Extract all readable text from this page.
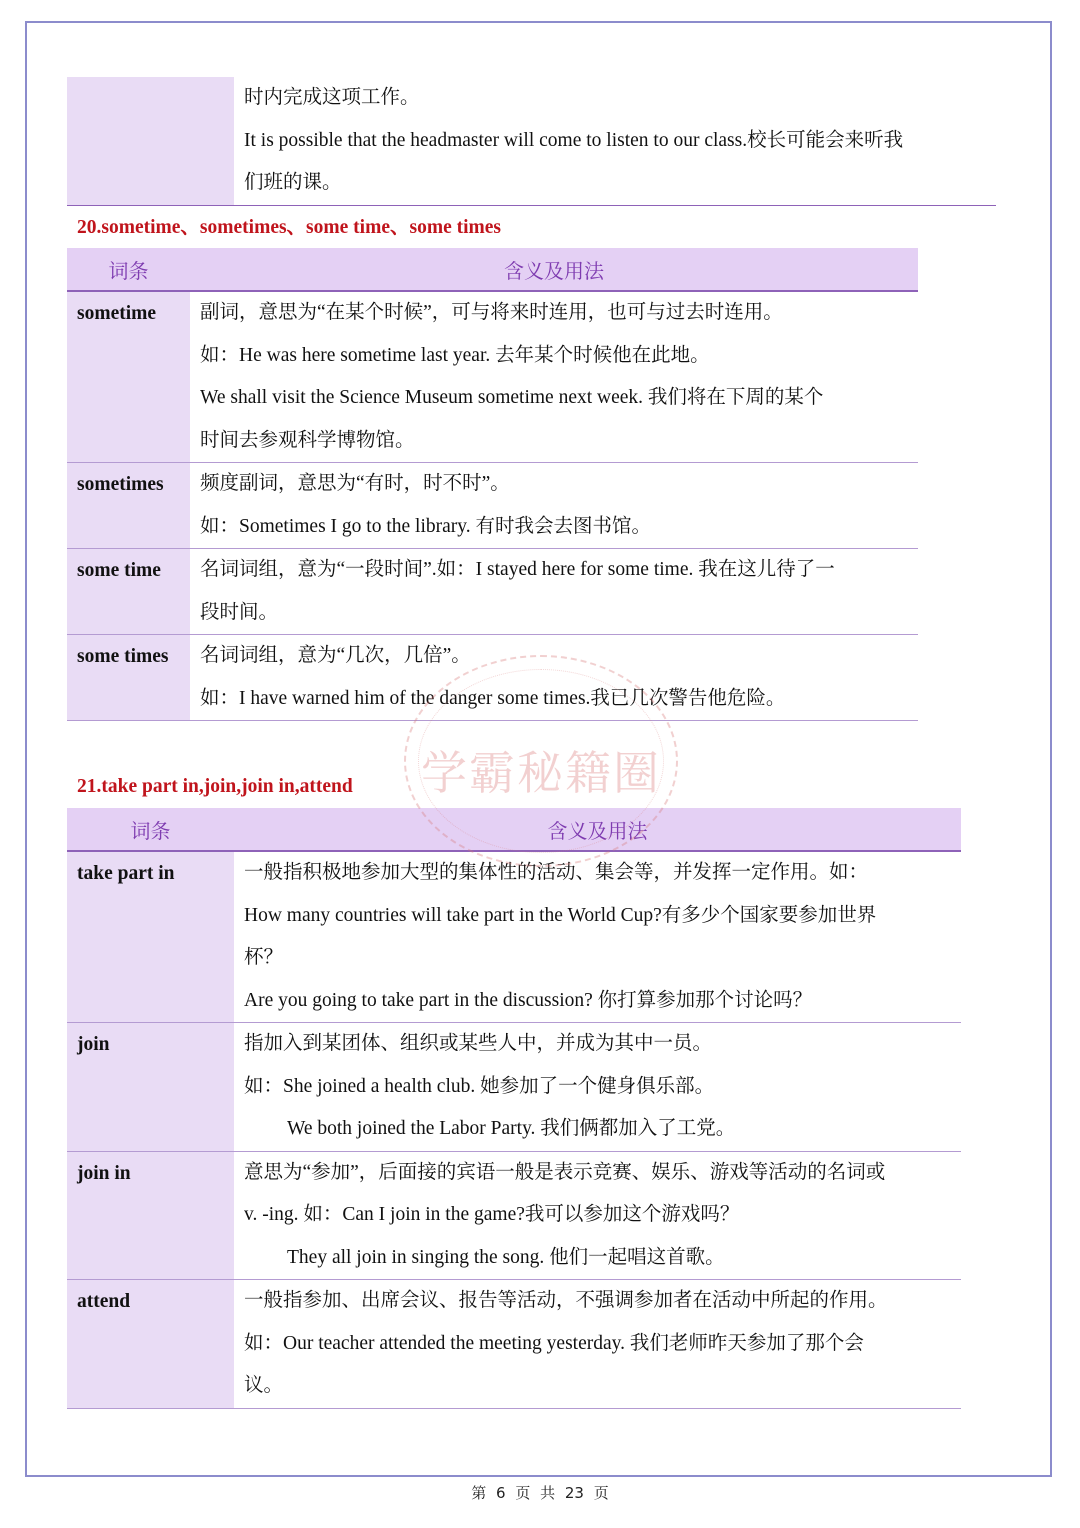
时内完成这项工作。
It is possible that the headmaster will come to listen to our class.校长可能会来听我
们班的课。
20.sometime、sometimes、some time、some times
词条	含义及用法
sometime	副词，意思为“在某个时候”，可与将来时连用，也可与过去时连用。
如：He was here sometime last year. 去年某个时候他在此地。
We shall visit the Science Museum sometime next week. 我们将在下周的某个
时间去参观科学博物馆。

sometimes	频度副词，意思为“有时，时不时”。
如：Sometimes I go to the library. 有时我会去图书馆。

some time	名词词组，意为“一段时间”.如：I stayed here for some time. 我在这儿待了一
段时间。

some times	名词词组，意为“几次，几倍”。
如：I have warned him of the danger some times.我已几次警告他危险。
21.take part in,join,join in,attend
词条	含义及用法
take part in	一般指积极地参加大型的集体性的活动、集会等，并发挥一定作用。如：
How many countries will take part in the World Cup?有多少个国家要参加世界
杯？
Are you going to take part in the discussion? 你打算参加那个讨论吗？

join	指加入到某团体、组织或某些人中，并成为其中一员。
如：She joined a health club. 她参加了一个健身俱乐部。
We both joined the Labor Party. 我们俩都加入了工党。

join in	意思为“参加”，后面接的宾语一般是表示竞赛、娱乐、游戏等活动的名词或
v. -ing. 如：Can I join in the game?我可以参加这个游戏吗？
They all join in singing the song. 他们一起唱这首歌。

attend	一般指参加、出席会议、报告等活动，不强调参加者在活动中所起的作用。
如：Our teacher attended the meeting yesterday. 我们老师昨天参加了那个会
议。
学霸秘籍圈
第 6 页 共 23 页
